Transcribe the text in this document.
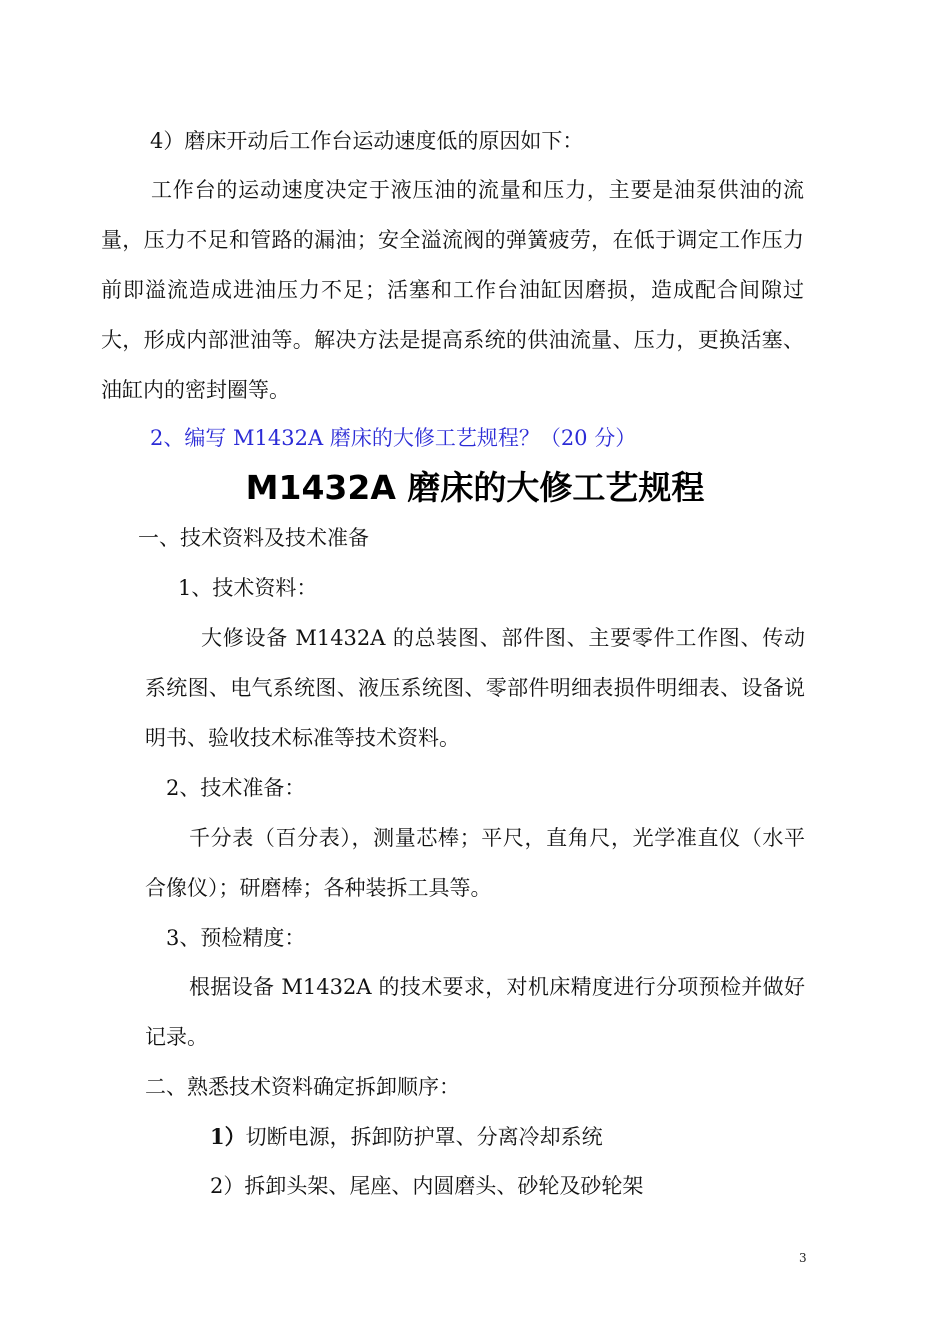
4）磨床开动后工作台运动速度低的原因如下：
工作台的运动速度决定于液压油的流量和压力，主要是油泵供油的流量，压力不足和管路的漏油；安全溢流阀的弹簧疲劳，在低于调定工作压力前即溢流造成进油压力不足；活塞和工作台油缸因磨损，造成配合间隙过大，形成内部泄油等。解决方法是提高系统的供油流量、压力，更换活塞、油缸内的密封圈等。
2、编写 M1432A 磨床的大修工艺规程？（20 分）
M1432A 磨床的大修工艺规程
一、技术资料及技术准备
1、技术资料：
大修设备 M1432A 的总装图、部件图、主要零件工作图、传动系统图、电气系统图、液压系统图、零部件明细表损件明细表、设备说明书、验收技术标准等技术资料。
2、技术准备：
千分表（百分表），测量芯棒；平尺，直角尺，光学准直仪（水平合像仪）；研磨棒；各种装拆工具等。
3、预检精度：
根据设备 M1432A 的技术要求，对机床精度进行分项预检并做好记录。
二、熟悉技术资料确定拆卸顺序：
1）切断电源，拆卸防护罩、分离冷却系统
2）拆卸头架、尾座、内圆磨头、砂轮及砂轮架
3
